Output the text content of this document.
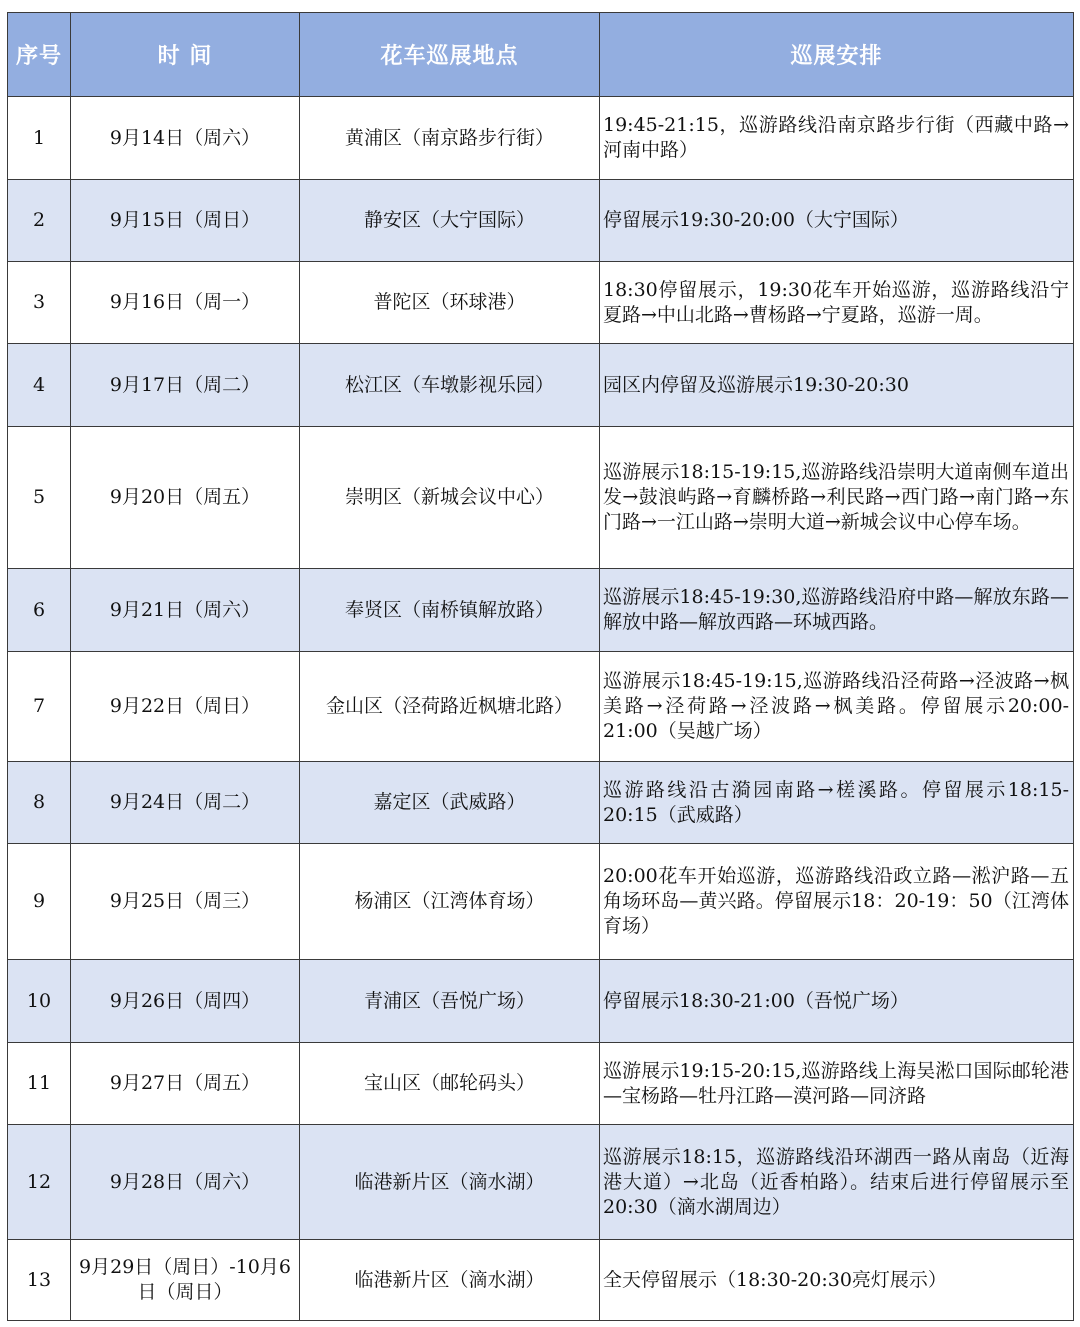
序号	时 间	花车巡展地点	巡展安排
1	9月14日（周六）	黄浦区（南京路步行街）	19:45-21:15，巡游路线沿南京路步行街（西藏中路→河南中路）
2	9月15日（周日）	静安区（大宁国际）	停留展示19:30-20:00（大宁国际）
3	9月16日（周一）	普陀区（环球港）	18:30停留展示，19:30花车开始巡游，巡游路线沿宁夏路→中山北路→曹杨路→宁夏路，巡游一周。
4	9月17日（周二）	松江区（车墩影视乐园）	园区内停留及巡游展示19:30-20:30
5	9月20日（周五）	崇明区（新城会议中心）	巡游展示18:15-19:15,巡游路线沿崇明大道南侧车道出发→鼓浪屿路→育麟桥路→利民路→西门路→南门路→东门路→一江山路→崇明大道→新城会议中心停车场。
6	9月21日（周六）	奉贤区（南桥镇解放路）	巡游展示18:45-19:30,巡游路线沿府中路—解放东路—解放中路—解放西路—环城西路。
7	9月22日（周日）	金山区（泾荷路近枫塘北路）	巡游展示18:45-19:15,巡游路线沿泾荷路→泾波路→枫美路→泾荷路→泾波路→枫美路。停留展示20:00-21:00（吴越广场）
8	9月24日（周二）	嘉定区（武威路）	巡游路线沿古漪园南路→槎溪路。停留展示18:15-20:15（武威路）
9	9月25日（周三）	杨浦区（江湾体育场）	20:00花车开始巡游，巡游路线沿政立路—淞沪路—五角场环岛—黄兴路。停留展示18：20-19：50（江湾体育场）
10	9月26日（周四）	青浦区（吾悦广场）	停留展示18:30-21:00（吾悦广场）
11	9月27日（周五）	宝山区（邮轮码头）	巡游展示19:15-20:15,巡游路线上海吴淞口国际邮轮港—宝杨路—牡丹江路—漠河路—同济路
12	9月28日（周六）	临港新片区（滴水湖）	巡游展示18:15，巡游路线沿环湖西一路从南岛（近海港大道）→北岛（近香柏路）。结束后进行停留展示至20:30（滴水湖周边）
13	9月29日（周日）-10月6日（周日）	临港新片区（滴水湖）	全天停留展示（18:30-20:30亮灯展示）
